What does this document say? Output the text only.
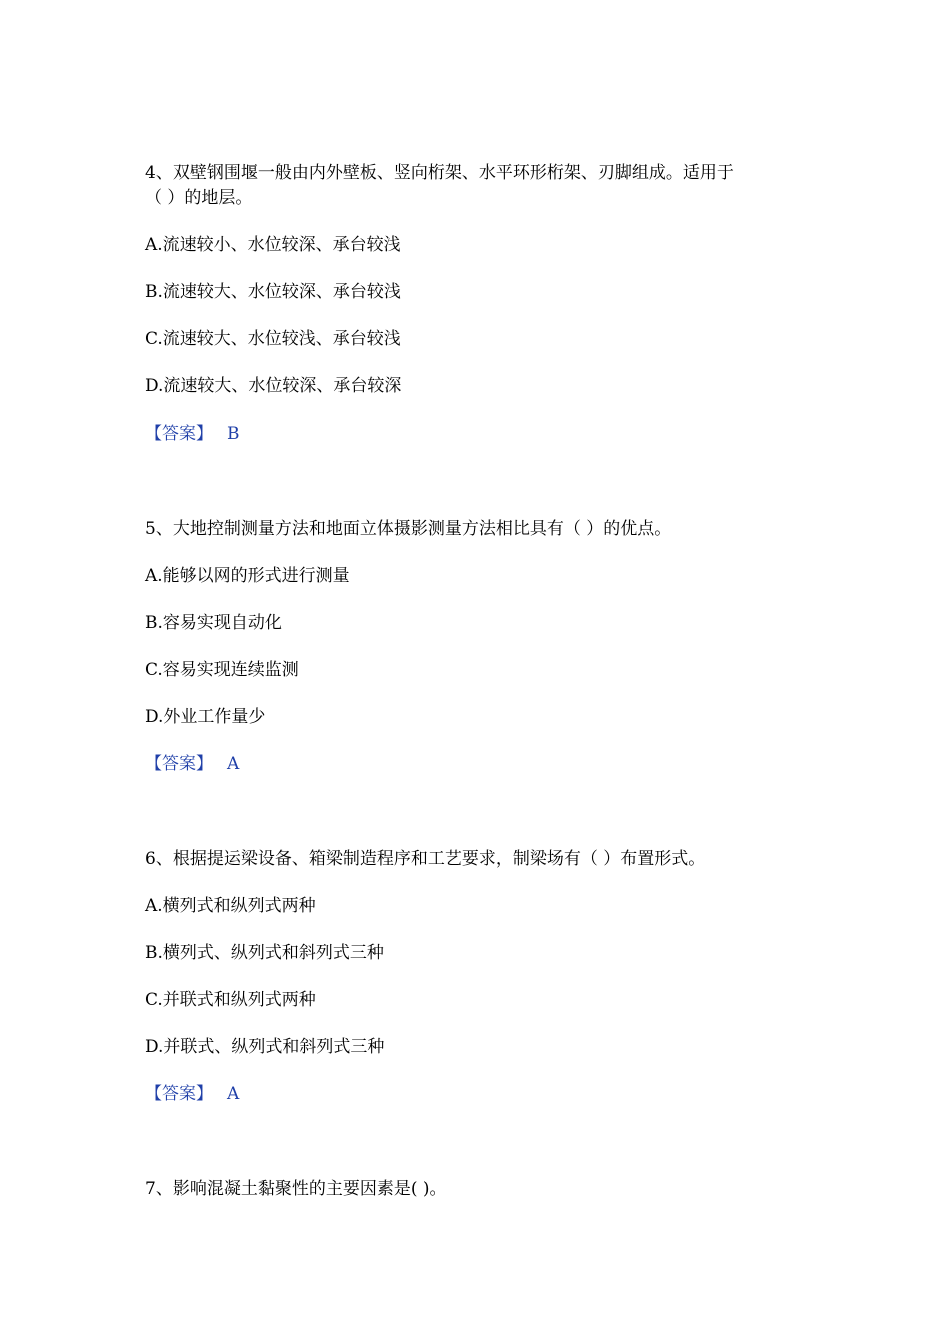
4、双壁钢围堰一般由内外壁板、竖向桁架、水平环形桁架、刃脚组成。适用于
（ ）的地层。
A.流速较小、水位较深、承台较浅
B.流速较大、水位较深、承台较浅
C.流速较大、水位较浅、承台较浅
D.流速较大、水位较深、承台较深
【答案】 B
5、大地控制测量方法和地面立体摄影测量方法相比具有（ ）的优点。
A.能够以网的形式进行测量
B.容易实现自动化
C.容易实现连续监测
D.外业工作量少
【答案】 A
6、根据提运梁设备、箱梁制造程序和工艺要求，制梁场有（ ）布置形式。
A.横列式和纵列式两种
B.横列式、纵列式和斜列式三种
C.并联式和纵列式两种
D.并联式、纵列式和斜列式三种
【答案】 A
7、影响混凝土黏聚性的主要因素是( )。
